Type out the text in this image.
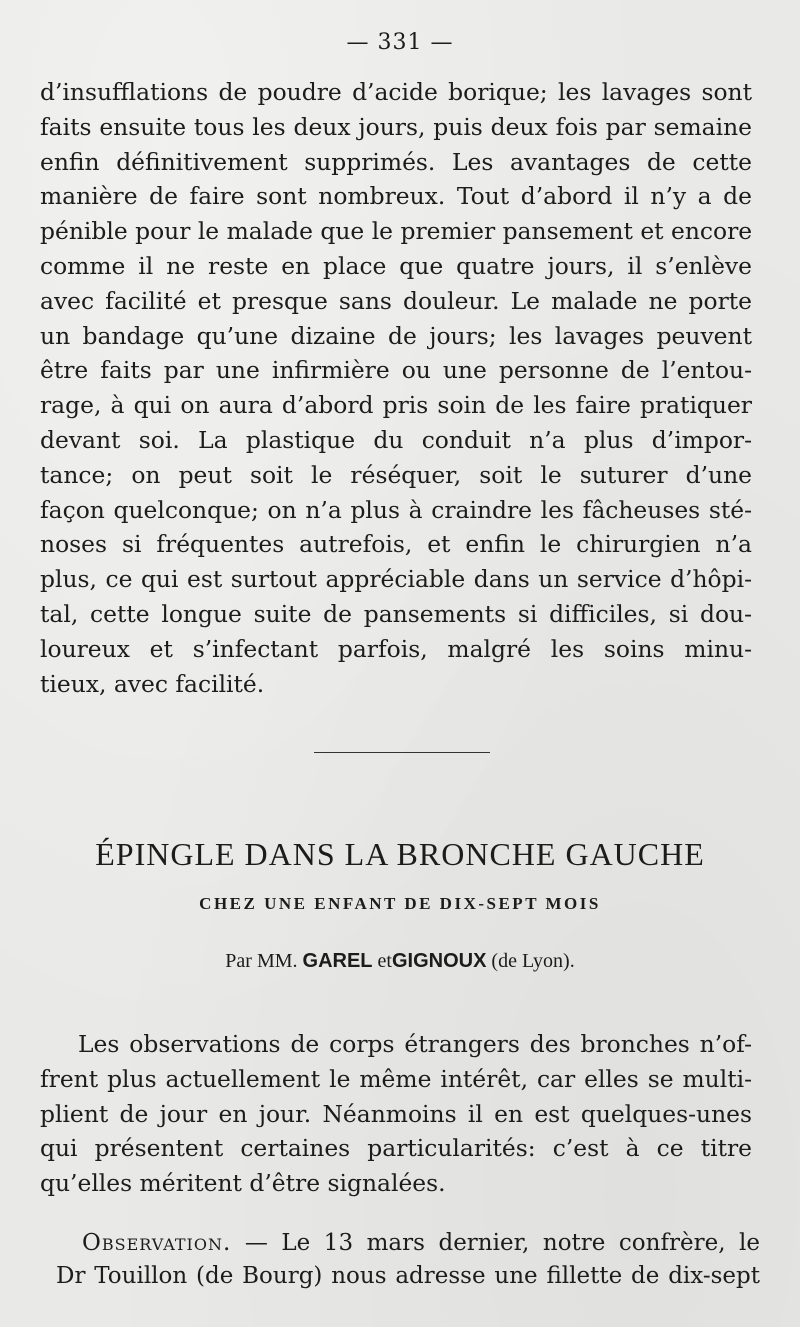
— 331 —
d’insufflations de poudre d’acide borique; les lavages sont
faits ensuite tous les deux jours, puis deux fois par semaine
enfin définitivement supprimés. Les avantages de cette
manière de faire sont nombreux. Tout d’abord il n’y a de
pénible pour le malade que le premier pansement et encore
comme il ne reste en place que quatre jours, il s’enlève
avec facilité et presque sans douleur. Le malade ne porte
un bandage qu’une dizaine de jours; les lavages peuvent
être faits par une infirmière ou une personne de l’entou-
rage, à qui on aura d’abord pris soin de les faire pratiquer
devant soi. La plastique du conduit n’a plus d’impor-
tance; on peut soit le réséquer, soit le suturer d’une
façon quelconque; on n’a plus à craindre les fâcheuses sté-
noses si fréquentes autrefois, et enfin le chirurgien n’a
plus, ce qui est surtout appréciable dans un service d’hôpi-
tal, cette longue suite de pansements si difficiles, si dou-
loureux et s’infectant parfois, malgré les soins minu-
tieux, avec facilité.
ÉPINGLE DANS LA BRONCHE GAUCHE
CHEZ UNE ENFANT DE DIX-SEPT MOIS
Par MM. GAREL etGIGNOUX (de Lyon).
Les observations de corps étrangers des bronches n’of-
frent plus actuellement le même intérêt, car elles se multi-
plient de jour en jour. Néanmoins il en est quelques-unes
qui présentent certaines particularités: c’est à ce titre
qu’elles méritent d’être signalées.
Observation. — Le 13 mars dernier, notre confrère, le
Dr Touillon (de Bourg) nous adresse une fillette de dix-sept
